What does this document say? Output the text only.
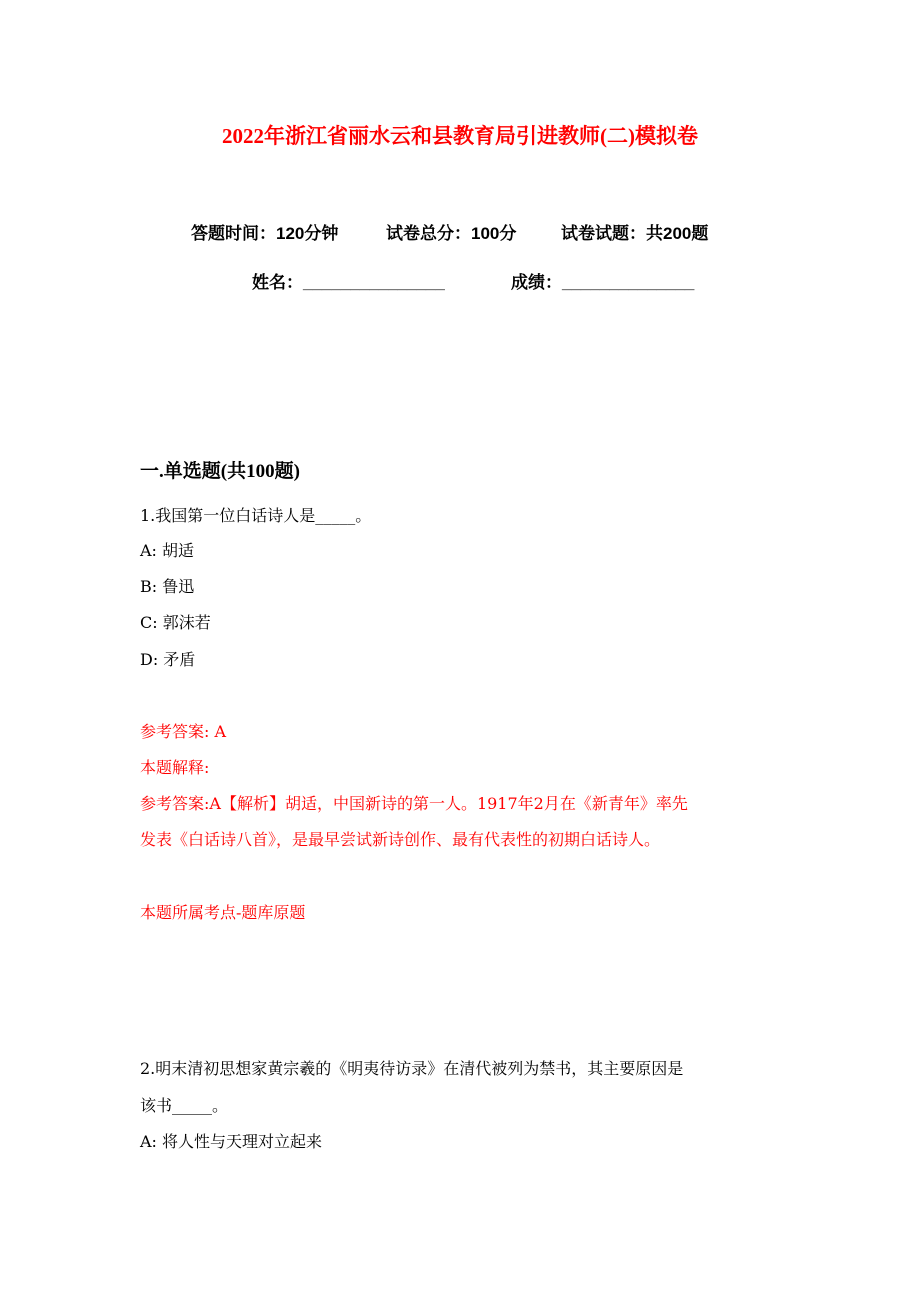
2022年浙江省丽水云和县教育局引进教师(二)模拟卷
答题时间：120分钟	试卷总分：100分	试卷试题：共200题
姓名：_______________	成绩：______________
一.单选题(共100题)
1.我国第一位白话诗人是_____。
A: 胡适
B: 鲁迅
C: 郭沫若
D: 矛盾
参考答案: A
本题解释:
参考答案:A【解析】胡适，中国新诗的第一人。1917年2月在《新青年》率先
发表《白话诗八首》，是最早尝试新诗创作、最有代表性的初期白话诗人。
本题所属考点-题库原题
2.明末清初思想家黄宗羲的《明夷待访录》在清代被列为禁书，其主要原因是
该书_____。
A: 将人性与天理对立起来
